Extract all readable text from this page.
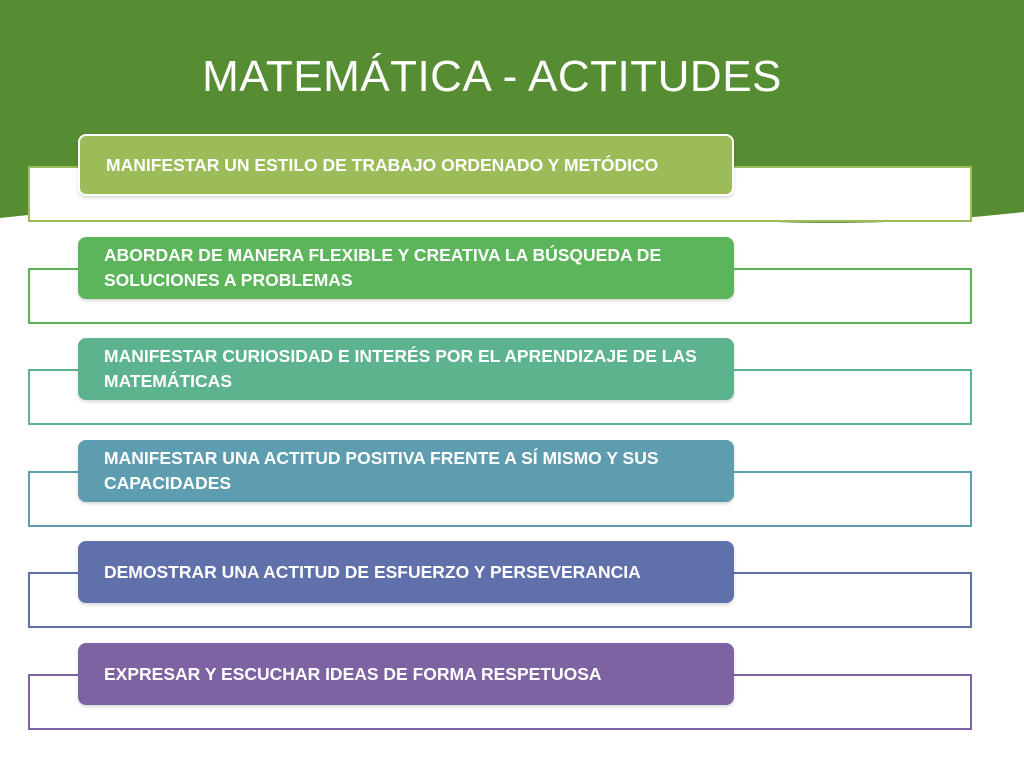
MATEMÁTICA - ACTITUDES
MANIFESTAR UN ESTILO DE TRABAJO ORDENADO Y METÓDICO
ABORDAR DE MANERA FLEXIBLE Y CREATIVA LA BÚSQUEDA DE SOLUCIONES A PROBLEMAS
MANIFESTAR CURIOSIDAD E INTERÉS POR EL APRENDIZAJE DE LAS MATEMÁTICAS
MANIFESTAR UNA ACTITUD POSITIVA FRENTE A SÍ MISMO Y SUS CAPACIDADES
DEMOSTRAR UNA ACTITUD DE ESFUERZO Y PERSEVERANCIA
EXPRESAR Y ESCUCHAR IDEAS DE FORMA RESPETUOSA
